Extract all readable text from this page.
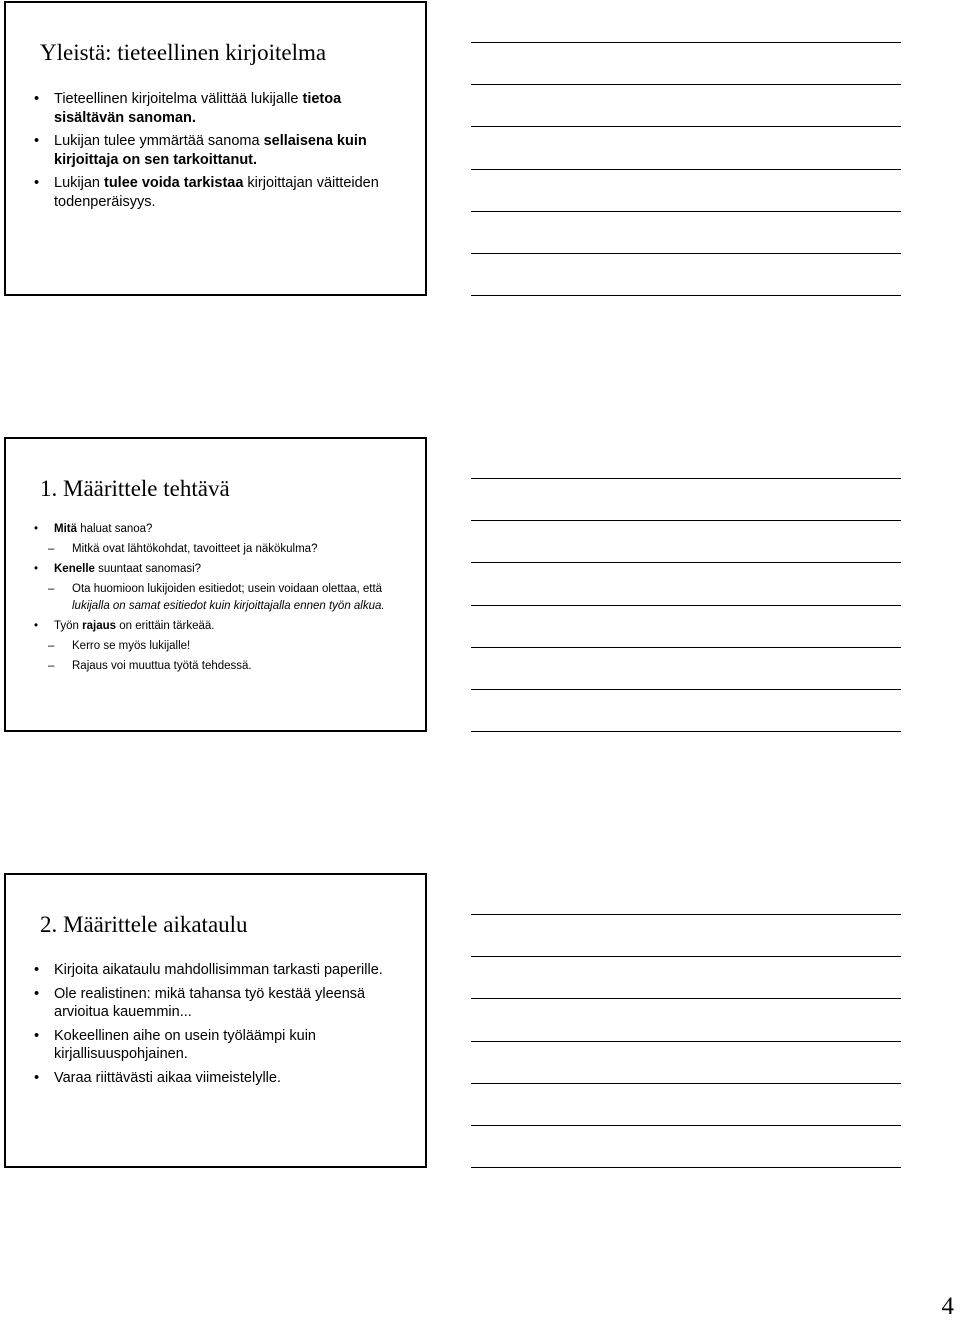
Yleistä: tieteellinen kirjoitelma
• Tieteellinen kirjoitelma välittää lukijalle tietoa sisältävän sanoman.
• Lukijan tulee ymmärtää sanoma sellaisena kuin kirjoittaja on sen tarkoittanut.
• Lukijan tulee voida tarkistaa kirjoittajan väitteiden todenperäisyys.
1. Määrittele tehtävä
• Mitä haluat sanoa?
– Mitkä ovat lähtökohdat, tavoitteet ja näkökulma?
• Kenelle suuntaat sanomasi?
– Ota huomioon lukijoiden esitiedot; usein voidaan olettaa, että lukijalla on samat esitiedot kuin kirjoittajalla ennen työn alkua.
• Työn rajaus on erittäin tärkeää.
– Kerro se myös lukijalle!
– Rajaus voi muuttua työtä tehdessä.
2. Määrittele aikataulu
• Kirjoita aikataulu mahdollisimman tarkasti paperille.
• Ole realistinen: mikä tahansa työ kestää yleensä arvioitua kauemmin...
• Kokeellinen aihe on usein työläämpi kuin kirjallisuuspohjainen.
• Varaa riittävästi aikaa viimeistelylle.
4
